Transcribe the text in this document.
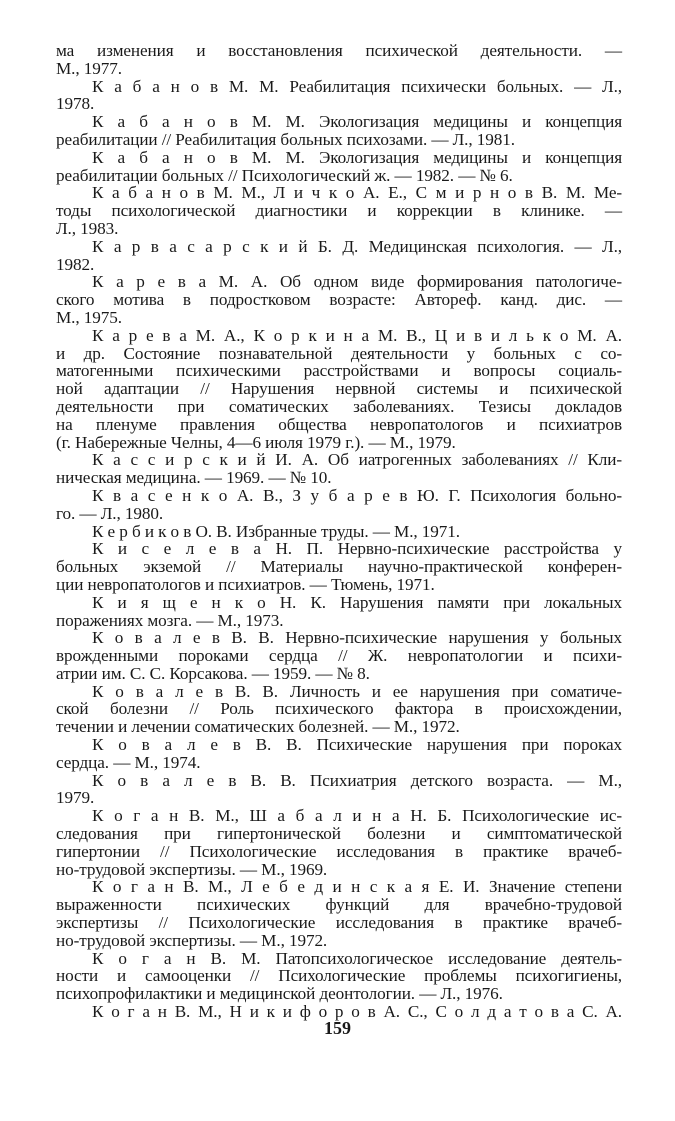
ма изменения и восстановления психической деятельности. —
М., 1977.
К а б а н о в М. М. Реабилитация психически больных. — Л.,
1978.
К а б а н о в М. М. Экологизация медицины и концепция
реабилитации // Реабилитация больных психозами. — Л., 1981.
К а б а н о в М. М. Экологизация медицины и концепция
реабилитации больных // Психологический ж. — 1982. — № 6.
К а б а н о в М. М., Л и ч к о А. Е., С м и р н о в В. М. Ме-
тоды психологической диагностики и коррекции в клинике. —
Л., 1983.
К а р в а с а р с к и й Б. Д. Медицинская психология. — Л.,
1982.
К а р е в а М. А. Об одном виде формирования патологиче-
ского мотива в подростковом возрасте: Автореф. канд. дис. —
М., 1975.
К а р е в а М. А., К о р к и н а М. В., Ц и в и л ь к о М. А.
и др. Состояние познавательной деятельности у больных с со-
матогенными психическими расстройствами и вопросы социаль-
ной адаптации // Нарушения нервной системы и психической
деятельности при соматических заболеваниях. Тезисы докладов
на пленуме правления общества невропатологов и психиатров
(г. Набережные Челны, 4—6 июля 1979 г.). — М., 1979.
К а с с и р с к и й И. А. Об иатрогенных заболеваниях // Кли-
ническая медицина. — 1969. — № 10.
К в а с е н к о А. В., З у б а р е в Ю. Г. Психология больно-
го. — Л., 1980.
К е р б и к о в О. В. Избранные труды. — М., 1971.
К и с е л е в а Н. П. Нервно-психические расстройства у
больных экземой // Материалы научно-практической конферен-
ции невропатологов и психиатров. — Тюмень, 1971.
К и я щ е н к о Н. К. Нарушения памяти при локальных
поражениях мозга. — М., 1973.
К о в а л е в В. В. Нервно-психические нарушения у больных
врожденными пороками сердца // Ж. невропатологии и психи-
атрии им. С. С. Корсакова. — 1959. — № 8.
К о в а л е в В. В. Личность и ее нарушения при соматиче-
ской болезни // Роль психического фактора в происхождении,
течении и лечении соматических болезней. — М., 1972.
К о в а л е в В. В. Психические нарушения при пороках
сердца. — М., 1974.
К о в а л е в В. В. Психиатрия детского возраста. — М.,
1979.
К о г а н В. М., Ш а б а л и н а Н. Б. Психологические ис-
следования при гипертонической болезни и симптоматической
гипертонии // Психологические исследования в практике врачеб-
но-трудовой экспертизы. — М., 1969.
К о г а н В. М., Л е б е д и н с к а я Е. И. Значение степени
выраженности психических функций для врачебно-трудовой
экспертизы // Психологические исследования в практике врачеб-
но-трудовой экспертизы. — М., 1972.
К о г а н В. М. Патопсихологическое исследование деятель-
ности и самооценки // Психологические проблемы психогигиены,
психопрофилактики и медицинской деонтологии. — Л., 1976.
К о г а н В. М., Н и к и ф о р о в А. С., С о л д а т о в а С. А.
159
